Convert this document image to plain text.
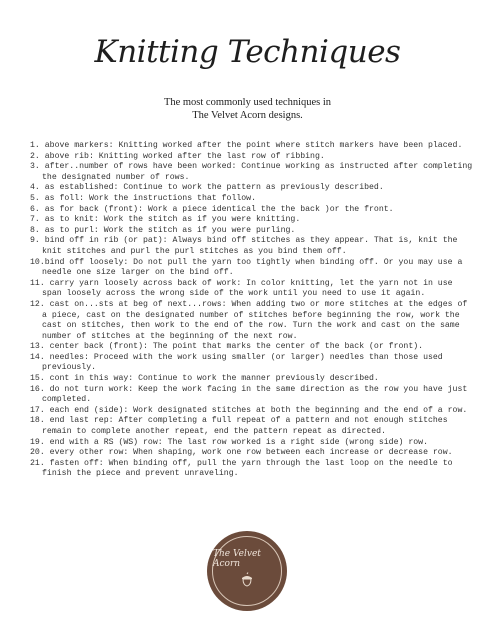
Knitting Techniques
The most commonly used techniques in
The Velvet Acorn designs.
1. above markers: Knitting worked after the point where stitch markers have been placed.
2. above rib: Knitting worked after the last row of ribbing.
3. after..number of rows have been worked: Continue working as instructed after completing the designated number of rows.
4. as established: Continue to work the pattern as previously described.
5. as foll: Work the instructions that follow.
6. as for back (front): Work a piece identical the the back )or the front.
7. as to knit: Work the stitch as if you were knitting.
8. as to purl: Work the stitch as if you were purling.
9. bind off in rib (or pat): Always bind off stitches as they appear. That is, knit the knit stitches and purl the purl stitches as you bind them off.
10.bind off loosely: Do not pull the yarn too tightly when binding off. Or you may use a needle one size larger on the bind off.
11. carry yarn loosely across back of work: In color knitting, let the yarn not in use span loosely across the wrong side of the work until you need to use it again.
12. cast on...sts at beg of next...rows: When adding two or more stitches at the edges of a piece, cast on the designated number of stitches before beginning the row, work the cast on stitches, then work to the end of the row. Turn the work and cast on the same number of stitches at the beginning of the next row.
13. center back (front): The point that marks the center of the back (or front).
14. needles: Proceed with the work using smaller (or larger) needles than those used previously.
15. cont in this way: Continue to work the manner previously described.
16. do not turn work: Keep the work facing in the same direction as the row you have just completed.
17. each end (side): Work designated stitches at both the beginning and the end of a row.
18. end last rep: After completing a full repeat of a pattern and not enough stitches remain to complete another repeat, end the pattern repeat as directed.
19. end with a RS (WS) row: The last row worked is a right side (wrong side) row.
20. every other row: When shaping, work one row between each increase or decrease row.
21. fasten off: When binding off, pull the yarn through the last loop on the needle to finish the piece and prevent unraveling.
The Velvet Acorn
